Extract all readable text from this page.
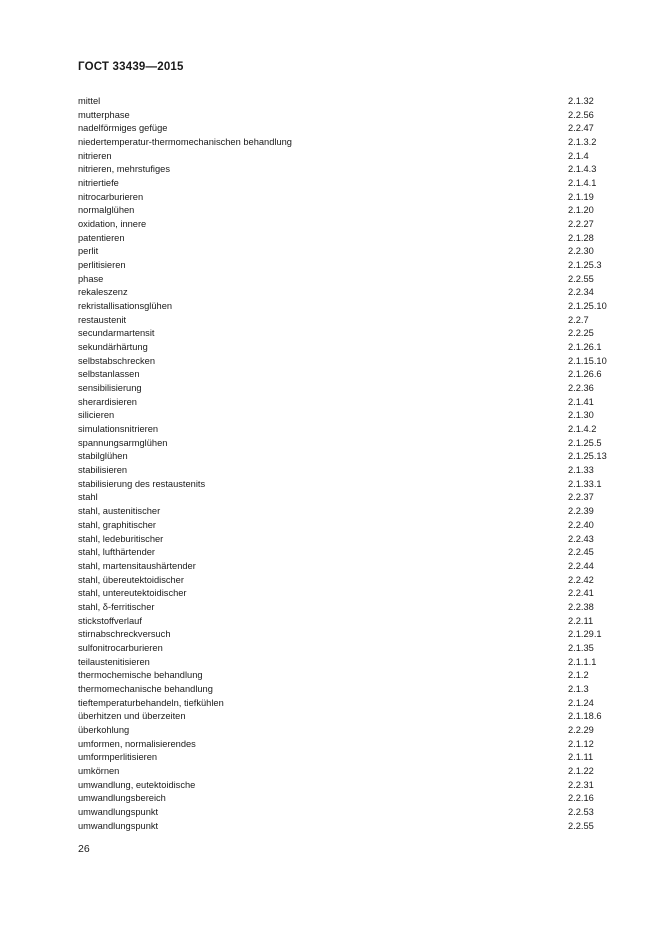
ГОСТ 33439—2015
mittel	2.1.32
mutterphase	2.2.56
nadelförmiges gefüge	2.2.47
niedertemperatur-thermomechanischen behandlung	2.1.3.2
nitrieren	2.1.4
nitrieren, mehrstufiges	2.1.4.3
nitriertiefe	2.1.4.1
nitrocarburieren	2.1.19
normalglühen	2.1.20
oxidation, innere	2.2.27
patentieren	2.1.28
perlit	2.2.30
perlitisieren	2.1.25.3
phase	2.2.55
rekaleszenz	2.2.34
rekristallisationsglühen	2.1.25.10
restaustenit	2.2.7
secundarmartensit	2.2.25
sekundärhärtung	2.1.26.1
selbstabschrecken	2.1.15.10
selbstanlassen	2.1.26.6
sensibilisierung	2.2.36
sherardisieren	2.1.41
silicieren	2.1.30
simulationsnitrieren	2.1.4.2
spannungsarmglühen	2.1.25.5
stabilglühen	2.1.25.13
stabilisieren	2.1.33
stabilisierung des restaustenits	2.1.33.1
stahl	2.2.37
stahl, austenitischer	2.2.39
stahl, graphitischer	2.2.40
stahl, ledeburitischer	2.2.43
stahl, lufthärtender	2.2.45
stahl, martensitaushärtender	2.2.44
stahl, übereutektoidischer	2.2.42
stahl, untereutektoidischer	2.2.41
stahl, δ-ferritischer	2.2.38
stickstoffverlauf	2.2.11
stirnabschreckversuch	2.1.29.1
sulfonitrocarburieren	2.1.35
teilaustenitisieren	2.1.1.1
thermochemische behandlung	2.1.2
thermomechanische behandlung	2.1.3
tieftemperaturbehandeln, tiefkühlen	2.1.24
überhitzen und überzeiten	2.1.18.6
überkohlung	2.2.29
umformen, normalisierendes	2.1.12
umformperlitisieren	2.1.11
umkörnen	2.1.22
umwandlung, eutektoidische	2.2.31
umwandlungsbereich	2.2.16
umwandlungspunkt	2.2.53
umwandlungspunkt	2.2.55
26
